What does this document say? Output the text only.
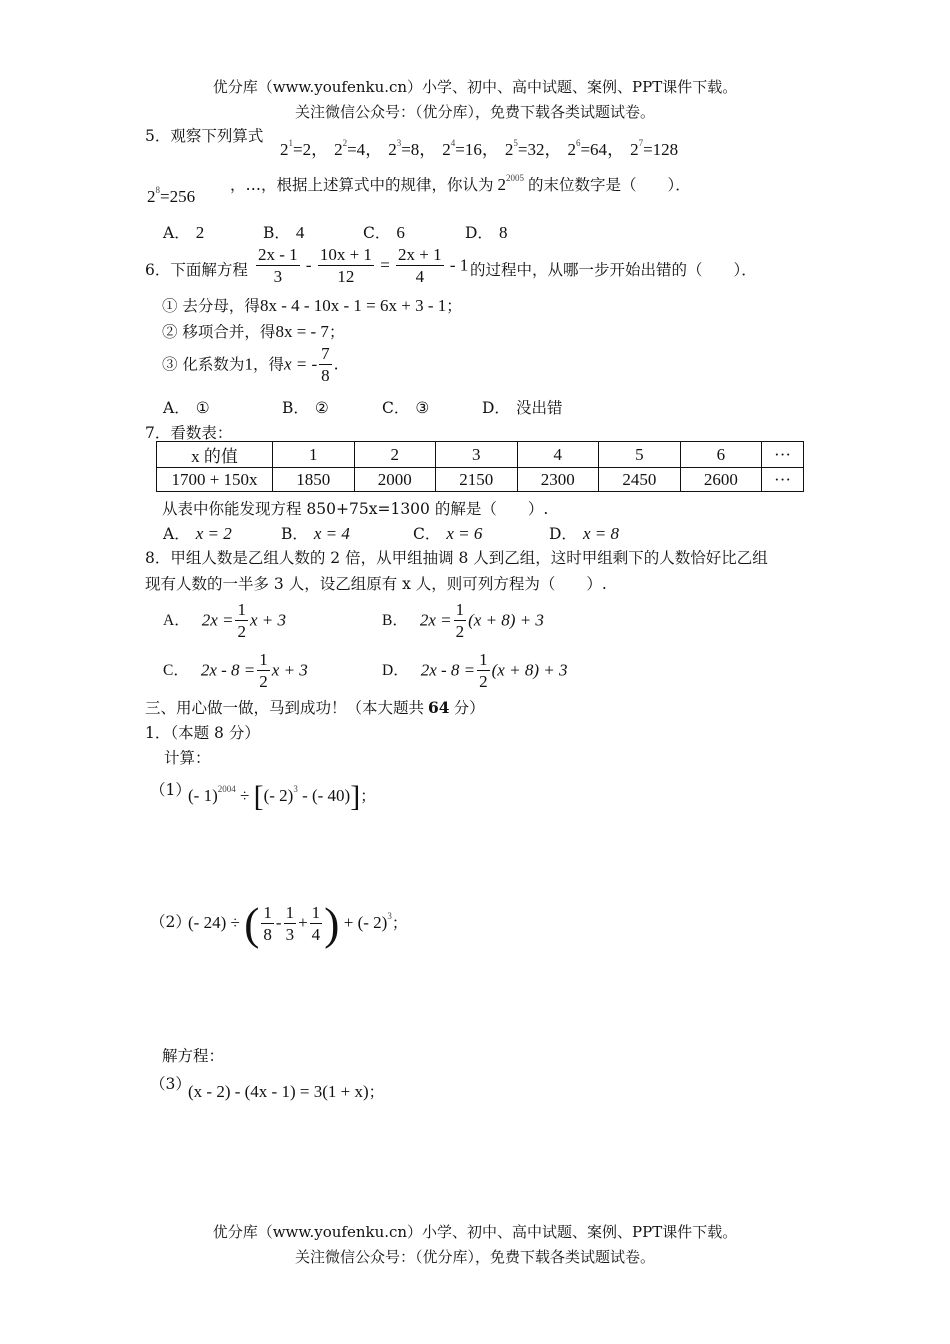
优分库（www.youfenku.cn）小学、初中、高中试题、案例、PPT课件下载。
关注微信公众号：（优分库），免费下载各类试题试卷。
5．观察下列算式
$2^1=2$， $2^2=4$， $2^3=8$， $2^4=16$， $2^5=32$， $2^6=64$， $2^7=128$
$2^8=256$
，…，根据上述算式中的规律，你认为 $2^{2005}$ 的末位数字是（　　）．
A． 2	B． 4	C． 6	D． 8
6．下面解方程 $\frac{2x - 1}{3} - \frac{10x + 1}{12} = \frac{2x + 1}{4} - 1$ 的过程中，从哪一步开始出错的（　　）．
① 去分母，得8x - 4 - 10x - 1 = 6x + 3 - 1；
② 移项合并，得8x = - 7；
③ 化系数为1，得x = - $\frac{7}{8}$ .
A． ①	B． ②	C． ③	D． 没出错
7．看数表：
x 的值	1	2	3	4	5	6	···
1700 + 150x	1850	2000	2150	2300	2450	2600	···
从表中你能发现方程 850+75x=1300 的解是（　　）.
A． x = 2	B． x = 4	C． x = 6	D． x = 8
8．甲组人数是乙组人数的 2 倍，从甲组抽调 8 人到乙组，这时甲组剩下的人数恰好比乙组
现有人数的一半多 3 人，设乙组原有 x 人，则可列方程为（　　）.
A． $2x = \frac{1}{2}$ x + 3	B． $2x = \frac{1}{2} (x + 8) + 3$
C． $2x - 8 = \frac{1}{2}$ x + 3	D． $2x - 8 = \frac{1}{2} (x + 8) + 3$
三、用心做一做，马到成功！（本大题共 64 分）
1．（本题 8 分）
计算：
（1）
(- 1)$^{2004}$ ÷ [(- 2)$^3$ - (- 40)]；
（2）
(- 24) ÷ ( $\frac{1}{8} - \frac{1}{3} + \frac{1}{4}$ ) + (- 2)$^3$；
解方程：
（3）
(x - 2) - (4x - 1) = 3(1 + x)；
优分库（www.youfenku.cn）小学、初中、高中试题、案例、PPT课件下载。
关注微信公众号：（优分库），免费下载各类试题试卷。
